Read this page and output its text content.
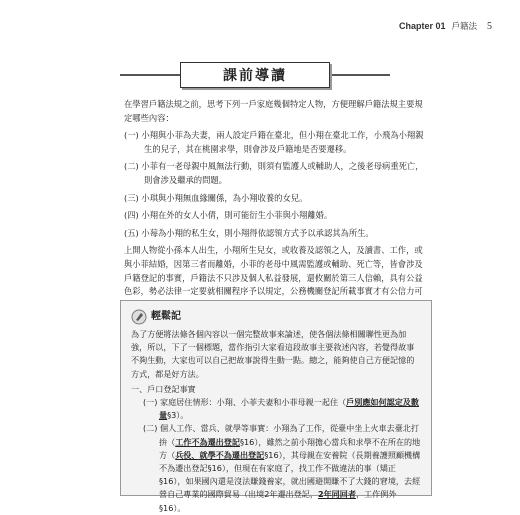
Chapter 01 戶籍法 5
課前導讀

在學習戶籍法規之前，思考下列一戶家庭幾個特定人物，方便理解戶籍法規主要規定哪些內容：

(一) 小翔與小菲為夫妻，兩人設定戶籍在臺北，但小翔在臺北工作，小飛為小翔親生的兒子，其在桃園求學，則會涉及戶籍地是否要遷移。

(二) 小菲有一老母親中風無法行動，則須有監護人或輔助人，之後老母病重死亡，則會涉及繼承的問題。

(三) 小琪與小翔無血緣關係，為小翔收養的女兒。

(四) 小翔在外的女人小倩，則可能衍生小菲與小翔離婚。

(五) 小莓為小翔的私生女，則小翔得依認領方式予以承認其為所生。

上開人物從小孫本人出生，小翔所生兒女，或收養及認領之人，及讀書、工作，或與小菲結婚，因第三者而離婚，小菲的老母中風需監護或輔助、死亡等，皆會涉及戶籍登記的事實，戶籍法不只涉及個人私益發展，還攸關於第三人信賴，具有公益色彩，勢必法律一定要就相關程序予以規定，公務機關登記所載事實才有公信力可

輕鬆記
為了方便將法條各個內容以一個完整故事來論述，使各個法條相關聯性更為加強，所以，下了一個標題，當作指引大家看這段故事主要敘述內容，若覺得故事不夠生動，大家也可以自己把故事說得生動一點。總之，能夠使自己方便記憶的方式，都是好方法。
一、戶口登記事實
(一) 家庭居住情形：小翔、小菲夫妻和小菲母親一起住（戶別應如何認定及數量§3）。
(二) 個人工作、當兵、就學等事實：小翔為了工作，從臺中坐上火車去臺北打拚（工作不為遷出登記§16），雖然之前小翔擔心當兵和求學不在所在的地方（兵役、就學不為遷出登記§16），其母親在安養院（長期養護照顧機構不為遷出登記§16），但現在有家庭了，找工作不做違法的事（矯正§16），如果國內還是沒法賺錢養家，就出國避開賺不了大錢的窘境，去經營自己專業的國際貿易（出境2年遷出登記，2年同回者，工作例外§16）。
